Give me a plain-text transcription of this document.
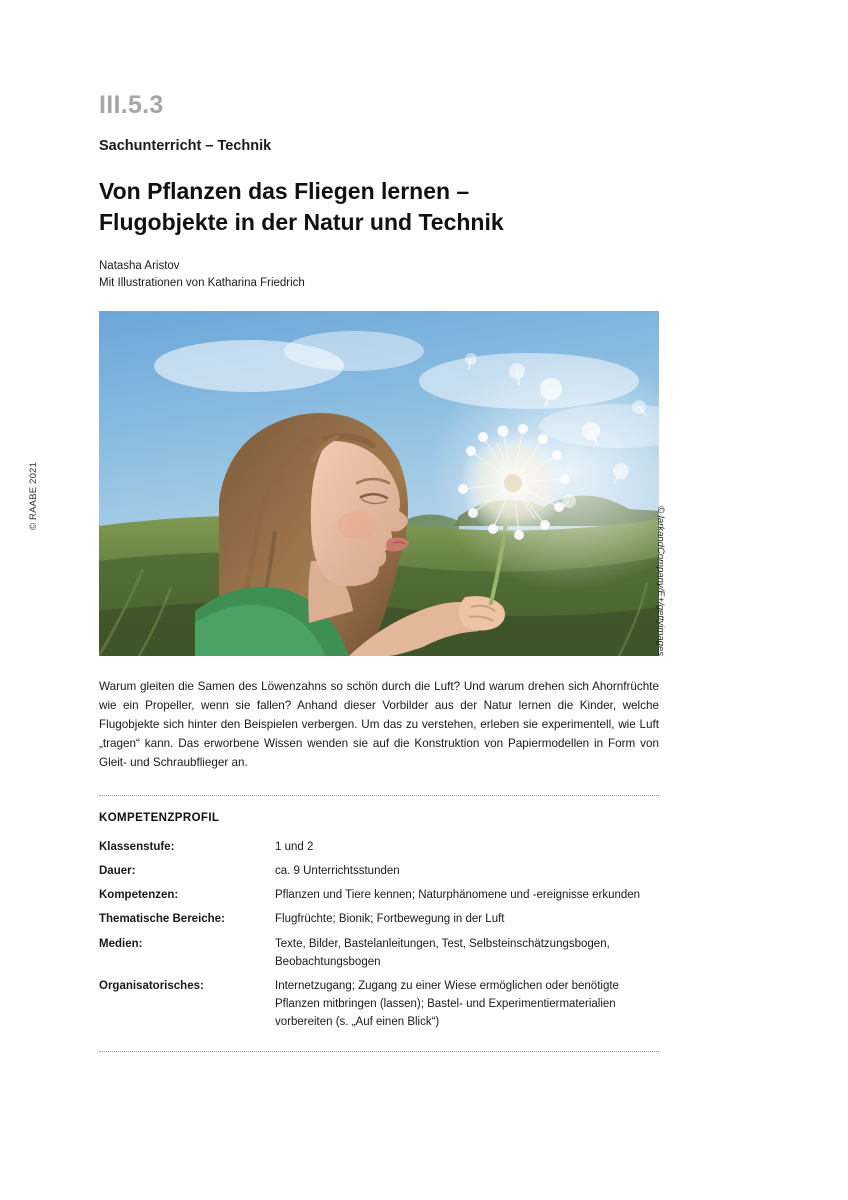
© RAABE 2021
III.5.3
Sachunterricht – Technik
Von Pflanzen das Fliegen lernen –
Flugobjekte in der Natur und Technik
Natasha Aristov
Mit Illustrationen von Katharina Friedrich
© larkandCompany/E+/gettyimages
Warum gleiten die Samen des Löwenzahns so schön durch die Luft? Und warum drehen sich Ahornfrüchte wie ein Propeller, wenn sie fallen? Anhand dieser Vorbilder aus der Natur lernen die Kinder, welche Flugobjekte sich hinter den Beispielen verbergen. Um das zu verstehen, erleben sie experimentell, wie Luft „tragen“ kann. Das erworbene Wissen wenden sie auf die Konstruktion von Papiermodellen in Form von Gleit- und Schraubflieger an.
KOMPETENZPROFIL
Klassenstufe:	1 und 2
Dauer:	ca. 9 Unterrichtsstunden
Kompetenzen:	Pflanzen und Tiere kennen; Naturphänomene und -ereignisse erkunden
Thematische Bereiche:	Flugfrüchte; Bionik; Fortbewegung in der Luft
Medien:	Texte, Bilder, Bastelanleitungen, Test, Selbsteinschätzungsbogen, Beobachtungsbogen
Organisatorisches:	Internetzugang; Zugang zu einer Wiese ermöglichen oder benötigte Pflanzen mitbringen (lassen); Bastel- und Experimentiermaterialien vorbereiten (s. „Auf einen Blick“)
